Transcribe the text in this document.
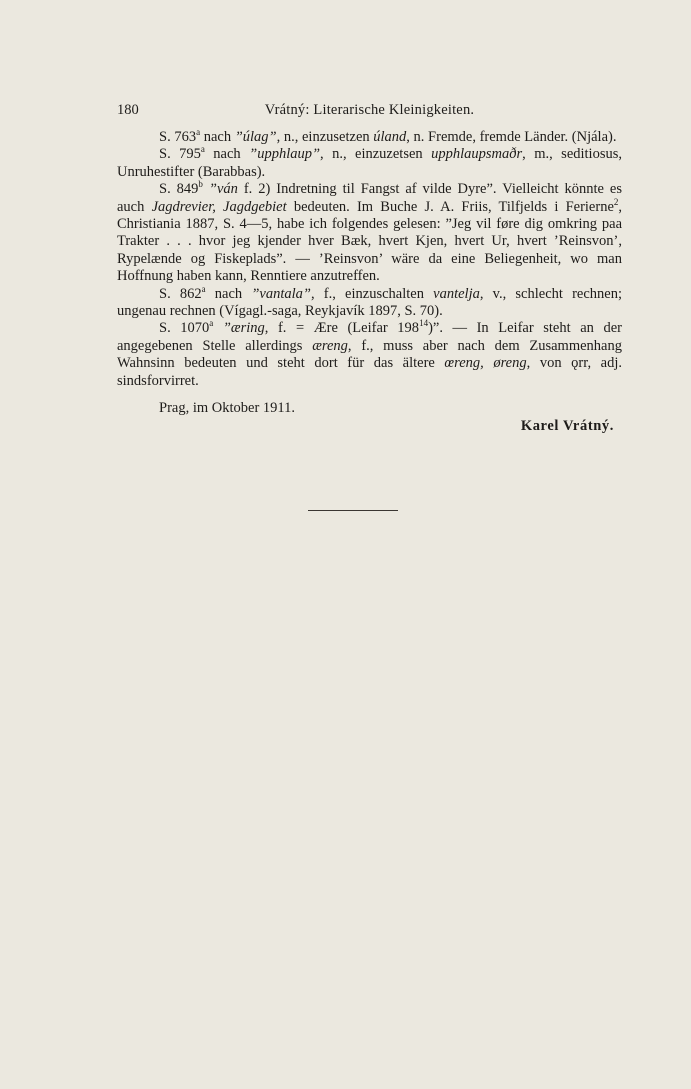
180	Vrátný: Literarische Kleinigkeiten.

S. 763$^a$ nach ”úlag”, n., einzusetzen úland, n. Fremde, fremde Länder. (Njála).

S. 795$^a$ nach ”upphlaup”, n., einzuzetsen upphlaupsmaðr, m., seditiosus, Unruhestifter (Barabbas).

S. 849$^b$ ”ván f. 2) Indretning til Fangst af vilde Dyre”. Vielleicht könnte es auch Jagdrevier, Jagdgebiet bedeuten. Im Buche J. A. Friis, Tilfjelds i Ferierne$^2$, Christiania 1887, S. 4—5, habe ich folgendes gelesen: ”Jeg vil føre dig omkring paa Trakter . . . hvor jeg kjender hver Bæk, hvert Kjen, hvert Ur, hvert ’Reinsvon’, Rypelænde og Fiskeplads”. — ’Reinsvon’ wäre da eine Beliegenheit, wo man Hoffnung haben kann, Renntiere anzutreffen.

S. 862$^a$ nach ”vantala”, f., einzuschalten vantelja, v., schlecht rechnen; ungenau rechnen (Vígagl.-saga, Reykjavík 1897, S. 70).

S. 1070$^a$ ”æring, f. = Ære (Leifar $198^{14}$)”. — In Leifar steht an der angegebenen Stelle allerdings æreng, f., muss aber nach dem Zusammenhang Wahnsinn bedeuten und steht dort für das ältere œreng, øreng, von ǫrr, adj. sindsforvirret.

Prag, im Oktober 1911.

Karel Vrátný.
